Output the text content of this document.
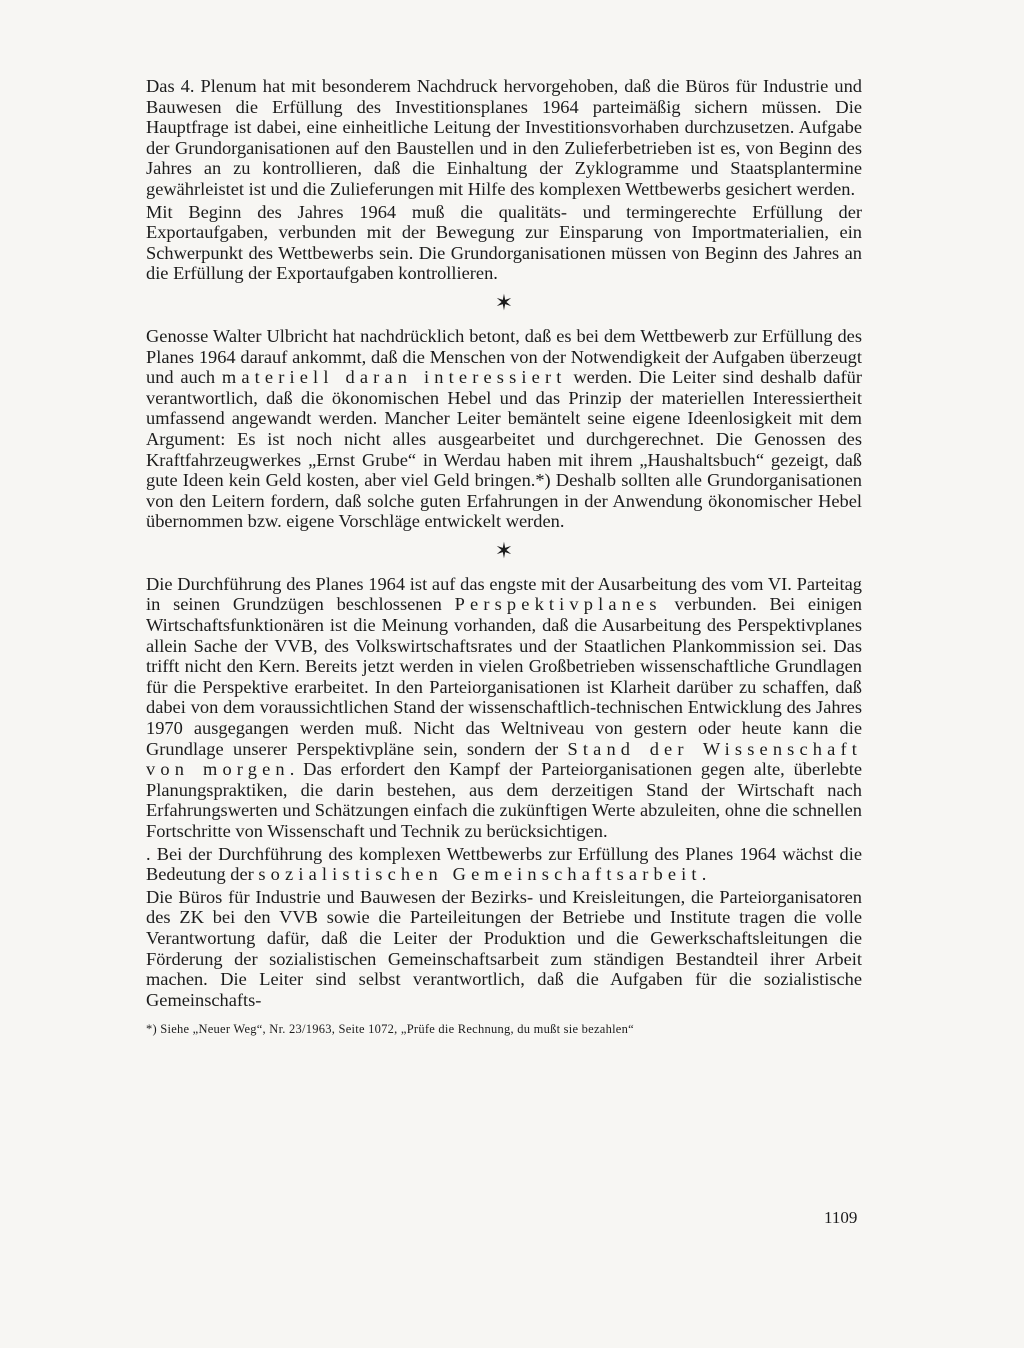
Das 4. Plenum hat mit besonderem Nachdruck hervorgehoben, daß die Büros für Industrie und Bauwesen die Erfüllung des Investitionsplanes 1964 parteimäßig sichern müssen. Die Hauptfrage ist dabei, eine einheitliche Leitung der Investitionsvorhaben durchzusetzen. Aufgabe der Grundorganisationen auf den Baustellen und in den Zulieferbetrieben ist es, von Beginn des Jahres an zu kontrollieren, daß die Einhaltung der Zyklogramme und Staatsplantermine gewährleistet ist und die Zulieferungen mit Hilfe des komplexen Wettbewerbs gesichert werden.

Mit Beginn des Jahres 1964 muß die qualitäts- und termingerechte Erfüllung der Exportaufgaben, verbunden mit der Bewegung zur Einsparung von Importmaterialien, ein Schwerpunkt des Wettbewerbs sein. Die Grundorganisationen müssen von Beginn des Jahres an die Erfüllung der Exportaufgaben kontrollieren.

✶

Genosse Walter Ulbricht hat nachdrücklich betont, daß es bei dem Wettbewerb zur Erfüllung des Planes 1964 darauf ankommt, daß die Menschen von der Notwendigkeit der Aufgaben überzeugt und auch materiell daran interessiert werden. Die Leiter sind deshalb dafür verantwortlich, daß die ökonomischen Hebel und das Prinzip der materiellen Interessiertheit umfassend angewandt werden. Mancher Leiter bemäntelt seine eigene Ideenlosigkeit mit dem Argument: Es ist noch nicht alles ausgearbeitet und durchgerechnet. Die Genossen des Kraftfahrzeugwerkes „Ernst Grube“ in Werdau haben mit ihrem „Haushaltsbuch“ gezeigt, daß gute Ideen kein Geld kosten, aber viel Geld bringen.*) Deshalb sollten alle Grundorganisationen von den Leitern fordern, daß solche guten Erfahrungen in der Anwendung ökonomischer Hebel übernommen bzw. eigene Vorschläge entwickelt werden.

✶

Die Durchführung des Planes 1964 ist auf das engste mit der Ausarbeitung des vom VI. Parteitag in seinen Grundzügen beschlossenen Perspektivplanes verbunden. Bei einigen Wirtschaftsfunktionären ist die Meinung vorhanden, daß die Ausarbeitung des Perspektivplanes allein Sache der VVB, des Volkswirtschaftsrates und der Staatlichen Plankommission sei. Das trifft nicht den Kern. Bereits jetzt werden in vielen Großbetrieben wissenschaftliche Grundlagen für die Perspektive erarbeitet. In den Parteiorganisationen ist Klarheit darüber zu schaffen, daß dabei von dem voraussichtlichen Stand der wissenschaftlich-technischen Entwicklung des Jahres 1970 ausgegangen werden muß. Nicht das Weltniveau von gestern oder heute kann die Grundlage unserer Perspektivpläne sein, sondern der Stand der Wissenschaft von morgen. Das erfordert den Kampf der Parteiorganisationen gegen alte, überlebte Planungspraktiken, die darin bestehen, aus dem derzeitigen Stand der Wirtschaft nach Erfahrungswerten und Schätzungen einfach die zukünftigen Werte abzuleiten, ohne die schnellen Fortschritte von Wissenschaft und Technik zu berücksichtigen.

. Bei der Durchführung des komplexen Wettbewerbs zur Erfüllung des Planes 1964 wächst die Bedeutung der sozialistischen Gemeinschaftsarbeit.

Die Büros für Industrie und Bauwesen der Bezirks- und Kreisleitungen, die Parteiorganisatoren des ZK bei den VVB sowie die Parteileitungen der Betriebe und Institute tragen die volle Verantwortung dafür, daß die Leiter der Produktion und die Gewerkschaftsleitungen die Förderung der sozialistischen Gemeinschaftsarbeit zum ständigen Bestandteil ihrer Arbeit machen. Die Leiter sind selbst verantwortlich, daß die Aufgaben für die sozialistische Gemeinschafts-

*) Siehe „Neuer Weg“, Nr. 23/1963, Seite 1072, „Prüfe die Rechnung, du mußt sie bezahlen“
1109
